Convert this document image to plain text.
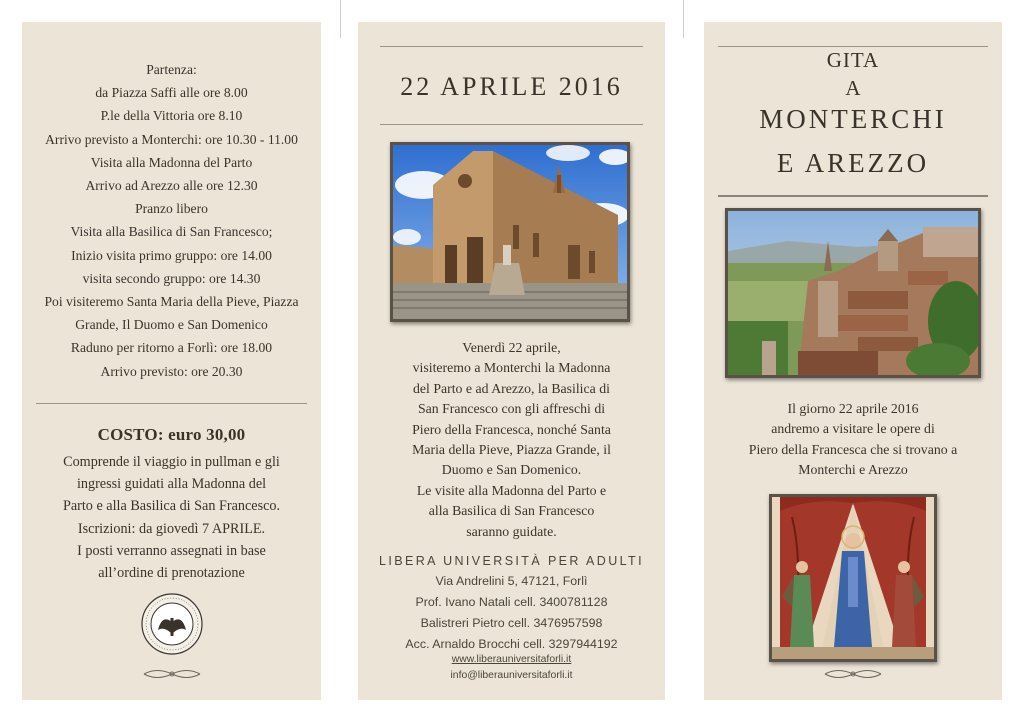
Partenza:
da Piazza Saffi alle ore 8.00
P.le della Vittoria ore 8.10
Arrivo previsto a Monterchi: ore 10.30 - 11.00
Visita alla Madonna del Parto
Arrivo ad Arezzo alle ore 12.30
Pranzo libero
Visita alla Basilica di San Francesco;
Inizio visita primo gruppo: ore 14.00
visita secondo gruppo: ore 14.30
Poi visiteremo Santa Maria della Pieve, Piazza
Grande, Il Duomo e San Domenico
Raduno per ritorno a Forlì: ore 18.00
Arrivo previsto: ore 20.30
COSTO: euro 30,00
Comprende il viaggio in pullman e gli
ingressi guidati alla Madonna del
Parto e alla Basilica di San Francesco.
Iscrizioni: da giovedì 7 APRILE.
I posti verranno assegnati in base
all’ordine di prenotazione
22 APRILE 2016
Venerdì 22 aprile,
visiteremo a Monterchi la Madonna
del Parto e ad Arezzo, la Basilica di
San Francesco con gli affreschi di
Piero della Francesca, nonché Santa
Maria della Pieve, Piazza Grande, il
Duomo e San Domenico.
Le visite alla Madonna del Parto e
alla Basilica di San Francesco
saranno guidate.
LIBERA UNIVERSITÀ PER ADULTI
Via Andrelini 5, 47121, Forlì
Prof. Ivano Natali cell. 3400781128
Balistreri Pietro cell. 3476957598
Acc. Arnaldo Brocchi cell. 3297944192
www.liberauniversitaforli.it
info@liberauniversitaforli.it
GITA
A
MONTERCHI
E AREZZO
Il giorno 22 aprile 2016
andremo a visitare le opere di
Piero della Francesca che si trovano a
Monterchi e Arezzo
